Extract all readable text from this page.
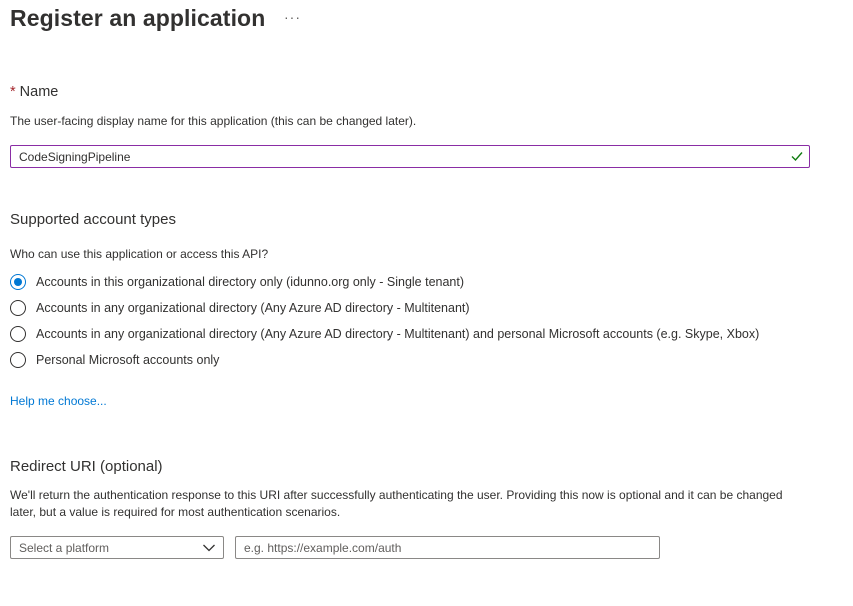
Register an application ···
* Name
The user-facing display name for this application (this can be changed later).
CodeSigningPipeline
Supported account types
Who can use this application or access this API?
Accounts in this organizational directory only (idunno.org only - Single tenant)
Accounts in any organizational directory (Any Azure AD directory - Multitenant)
Accounts in any organizational directory (Any Azure AD directory - Multitenant) and personal Microsoft accounts (e.g. Skype, Xbox)
Personal Microsoft accounts only
Help me choose...
Redirect URI (optional)
We'll return the authentication response to this URI after successfully authenticating the user. Providing this now is optional and it can be changed later, but a value is required for most authentication scenarios.
Select a platform
e.g. https://example.com/auth
